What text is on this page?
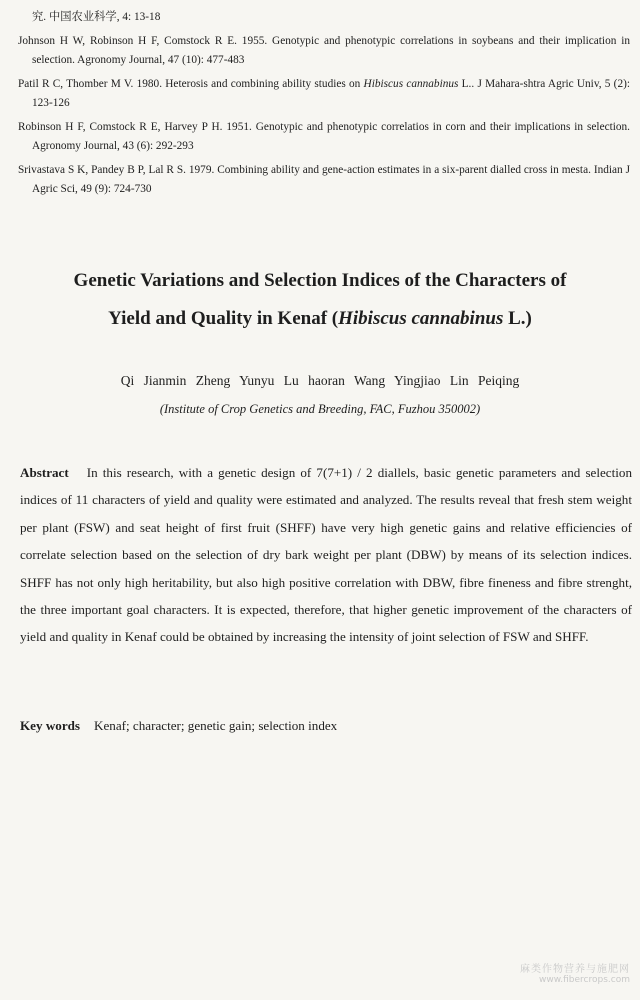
究. 中国农业科学, 4: 13-18

Johnson H W, Robinson H F, Comstock R E. 1955. Genotypic and phenotypic correlations in soybeans and their implication in selection. Agronomy Journal, 47 (10): 477-483

Patil R C, Thomber M V. 1980. Heterosis and combining ability studies on Hibiscus cannabinus L.. J Mahara-shtra Agric Univ, 5 (2): 123-126

Robinson H F, Comstock R E, Harvey P H. 1951. Genotypic and phenotypic correlatios in corn and their implications in selection. Agronomy Journal, 43 (6): 292-293

Srivastava S K, Pandey B P, Lal R S. 1979. Combining ability and gene-action estimates in a six-parent dialled cross in mesta. Indian J Agric Sci, 49 (9): 724-730

Genetic Variations and Selection Indices of the Characters of
Yield and Quality in Kenaf (Hibiscus cannabinus L.)
Qi Jianmin Zheng Yunyu Lu haoran Wang Yingjiao Lin Peiqing
(Institute of Crop Genetics and Breeding, FAC, Fuzhou 350002)
Abstract In this research, with a genetic design of 7(7+1) / 2 diallels, basic genetic parameters and selection indices of 11 characters of yield and quality were estimated and analyzed. The results reveal that fresh stem weight per plant (FSW) and seat height of first fruit (SHFF) have very high genetic gains and relative efficiencies of correlate selection based on the selection of dry bark weight per plant (DBW) by means of its selection indices. SHFF has not only high heritability, but also high positive correlation with DBW, fibre fineness and fibre strenght, the three important goal characters. It is expected, therefore, that higher genetic improvement of the characters of yield and quality in Kenaf could be obtained by increasing the intensity of joint selection of FSW and SHFF.
Key words Kenaf; character; genetic gain; selection index
麻类作物营养与施肥网
www.fibercrops.com
